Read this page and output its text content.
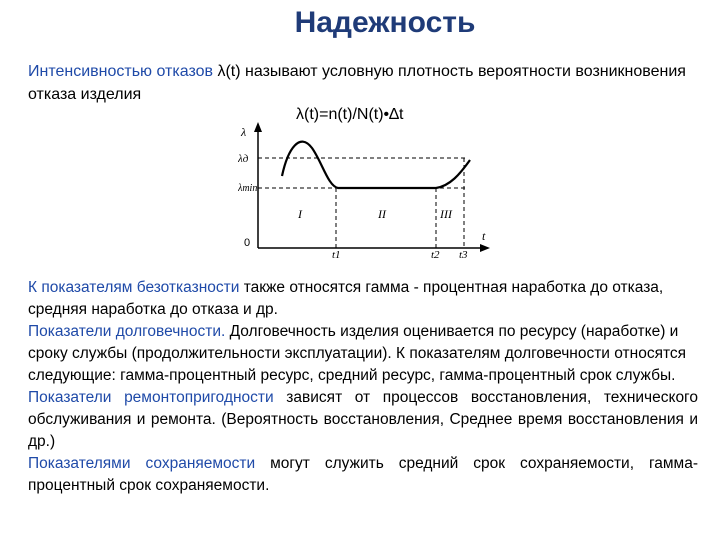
Надежность
Интенсивностью отказов λ(t) называют условную плотность вероятности возникновения отказа изделия
λ(t)=n(t)/N(t)•∆t
λ
λд
λmin
0
I	II	III
t1	t2 t3
t

К показателям безотказности также относятся гамма - процентная наработка до отказа, средняя наработка до отказа и др.

Показатели долговечности. Долговечность изделия оценивается по ресурсу (наработке) и сроку службы (продолжительности эксплуатации). К показателям долговечности относятся следующие: гамма-процентный ресурс, средний ресурс, гамма-процентный срок службы.

Показатели ремонтопригодности зависят от процессов восстановления, технического обслуживания и ремонта. (Вероятность восстановления, Среднее время восстановления и др.)

Показателями сохраняемости могут служить средний срок сохраняемости, гамма-процентный срок сохраняемости.
